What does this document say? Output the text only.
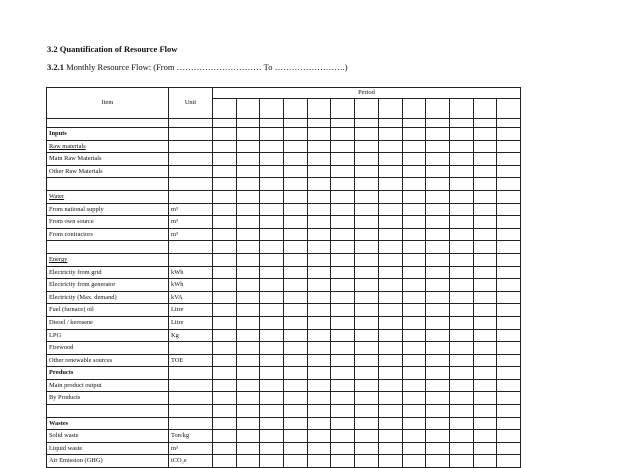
3.2 Quantification of Resource Flow
3.2.1 Monthly Resource Flow: (From ………………………… To …………………….)
Item	Unit	Period												

Inputs														
Raw materials														
Main Raw Materials														
Other Raw Materials														

Water														
From national supply	m³													
From own source	m³													
From contractors	m³													

Energy														
Electricity from grid	kWh													
Electricity from generator	kWh													
Electricity (Max. demand)	kVA													
Fuel (furnace) oil	Litre													
Diesel / kerosene	Litre													
LPG	Kg													
Firewood														
Other renewable sources	TOE													
Products														
Main product output														
By Products														

Wastes														
Solid waste	Ton/kg													
Liquid waste	m³													
Air Emission (GHG)	tCO₂e													
